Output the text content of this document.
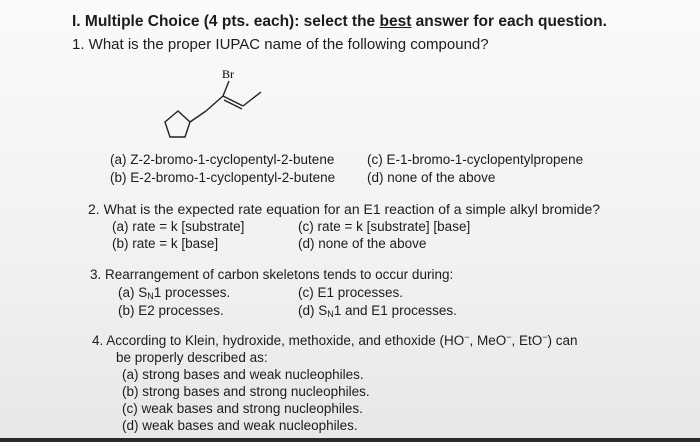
I. Multiple Choice (4 pts. each): select the best answer for each question.
1. What is the proper IUPAC name of the following compound?
Br
(a) Z-2-bromo-1-cyclopentyl-2-butene
(b) E-2-bromo-1-cyclopentyl-2-butene
(c) E-1-bromo-1-cyclopentylpropene
(d) none of the above
2. What is the expected rate equation for an E1 reaction of a simple alkyl bromide?
(a) rate = k [substrate]
(b) rate = k [base]
(c) rate = k [substrate] [base]
(d) none of the above
3. Rearrangement of carbon skeletons tends to occur during:
(a) $S_N1$ processes.
(b) E2 processes.
(c) E1 processes.
(d) $S_N1$ and E1 processes.
4. According to Klein, hydroxide, methoxide, and ethoxide (HO−, MeO−, EtO−) can
be properly described as:
(a) strong bases and weak nucleophiles.
(b) strong bases and strong nucleophiles.
(c) weak bases and strong nucleophiles.
(d) weak bases and weak nucleophiles.
